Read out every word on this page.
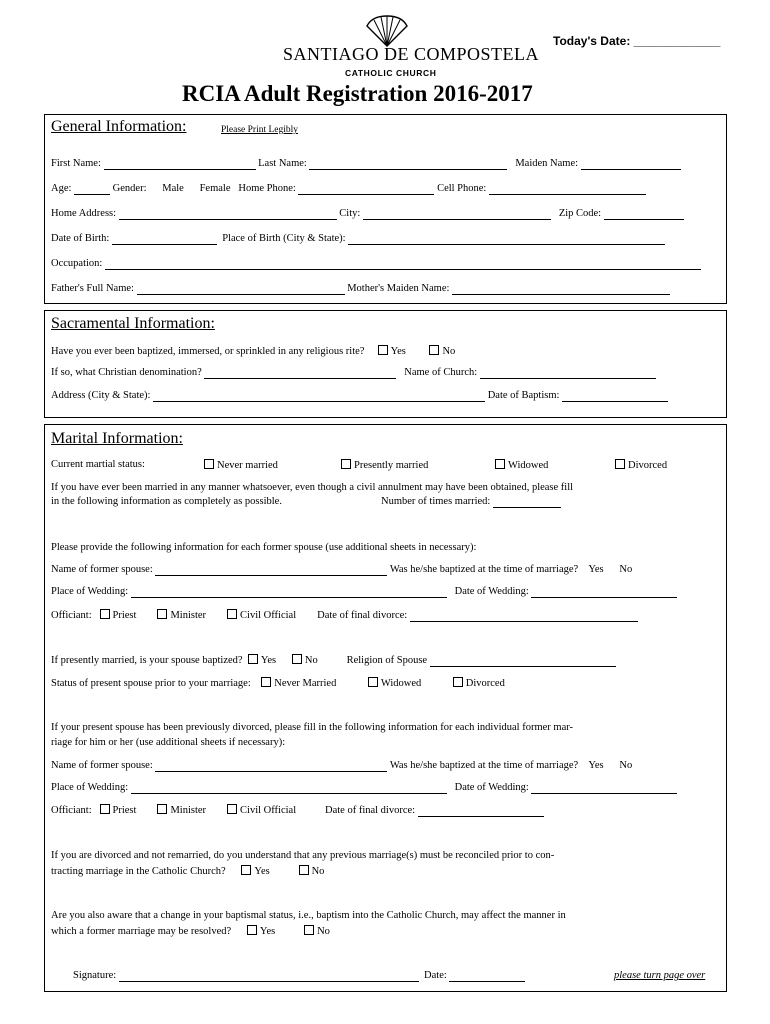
Today's Date: _____________
SANTIAGO DE COMPOSTELA
CATHOLIC CHURCH
RCIA Adult Registration 2016-2017
General Information:	Please Print Legibly
First Name:	Last Name:	Maiden Name:
Age:	Gender: Male Female Home Phone:	Cell Phone:
Home Address:	City:	Zip Code:
Date of Birth:	Place of Birth (City & State):
Occupation:
Father's Full Name:	Mother's Maiden Name:
Sacramental Information:
Have you ever been baptized, immersed, or sprinkled in any religious rite? Yes	No
If so, what Christian denomination?	Name of Church:
Address (City & State):	Date of Baptism:
Marital Information:
Current martial status:	Never married	Presently married	Widowed	Divorced
If you have ever been married in any manner whatsoever, even though a civil annulment may have been obtained, please fill
in the following information as completely as possible.	Number of times married:
Please provide the following information for each former spouse (use additional sheets in necessary):
Name of former spouse:	Was he/she baptized at the time of marriage? Yes No
Place of Wedding:	Date of Wedding:
Officiant: Priest	Minister	Civil Official Date of final divorce:
If presently married, is your spouse baptized? Yes	No	Religion of Spouse
Status of present spouse prior to your marriage: Never Married	Widowed	Divorced
If your present spouse has been previously divorced, please fill in the following information for each individual former mar-
riage for him or her (use additional sheets if necessary):
Name of former spouse:	Was he/she baptized at the time of marriage? Yes No
Place of Wedding:	Date of Wedding:
Officiant: Priest	Minister	Civil Official	Date of final divorce:
If you are divorced and not remarried, do you understand that any previous marriage(s) must be reconciled prior to con-
tracting marriage in the Catholic Church?	Yes	No
Are you also aware that a change in your baptismal status, i.e., baptism into the Catholic Church, may affect the manner in
which a former marriage may be resolved?	Yes	No
Signature:	Date:	please turn page over
